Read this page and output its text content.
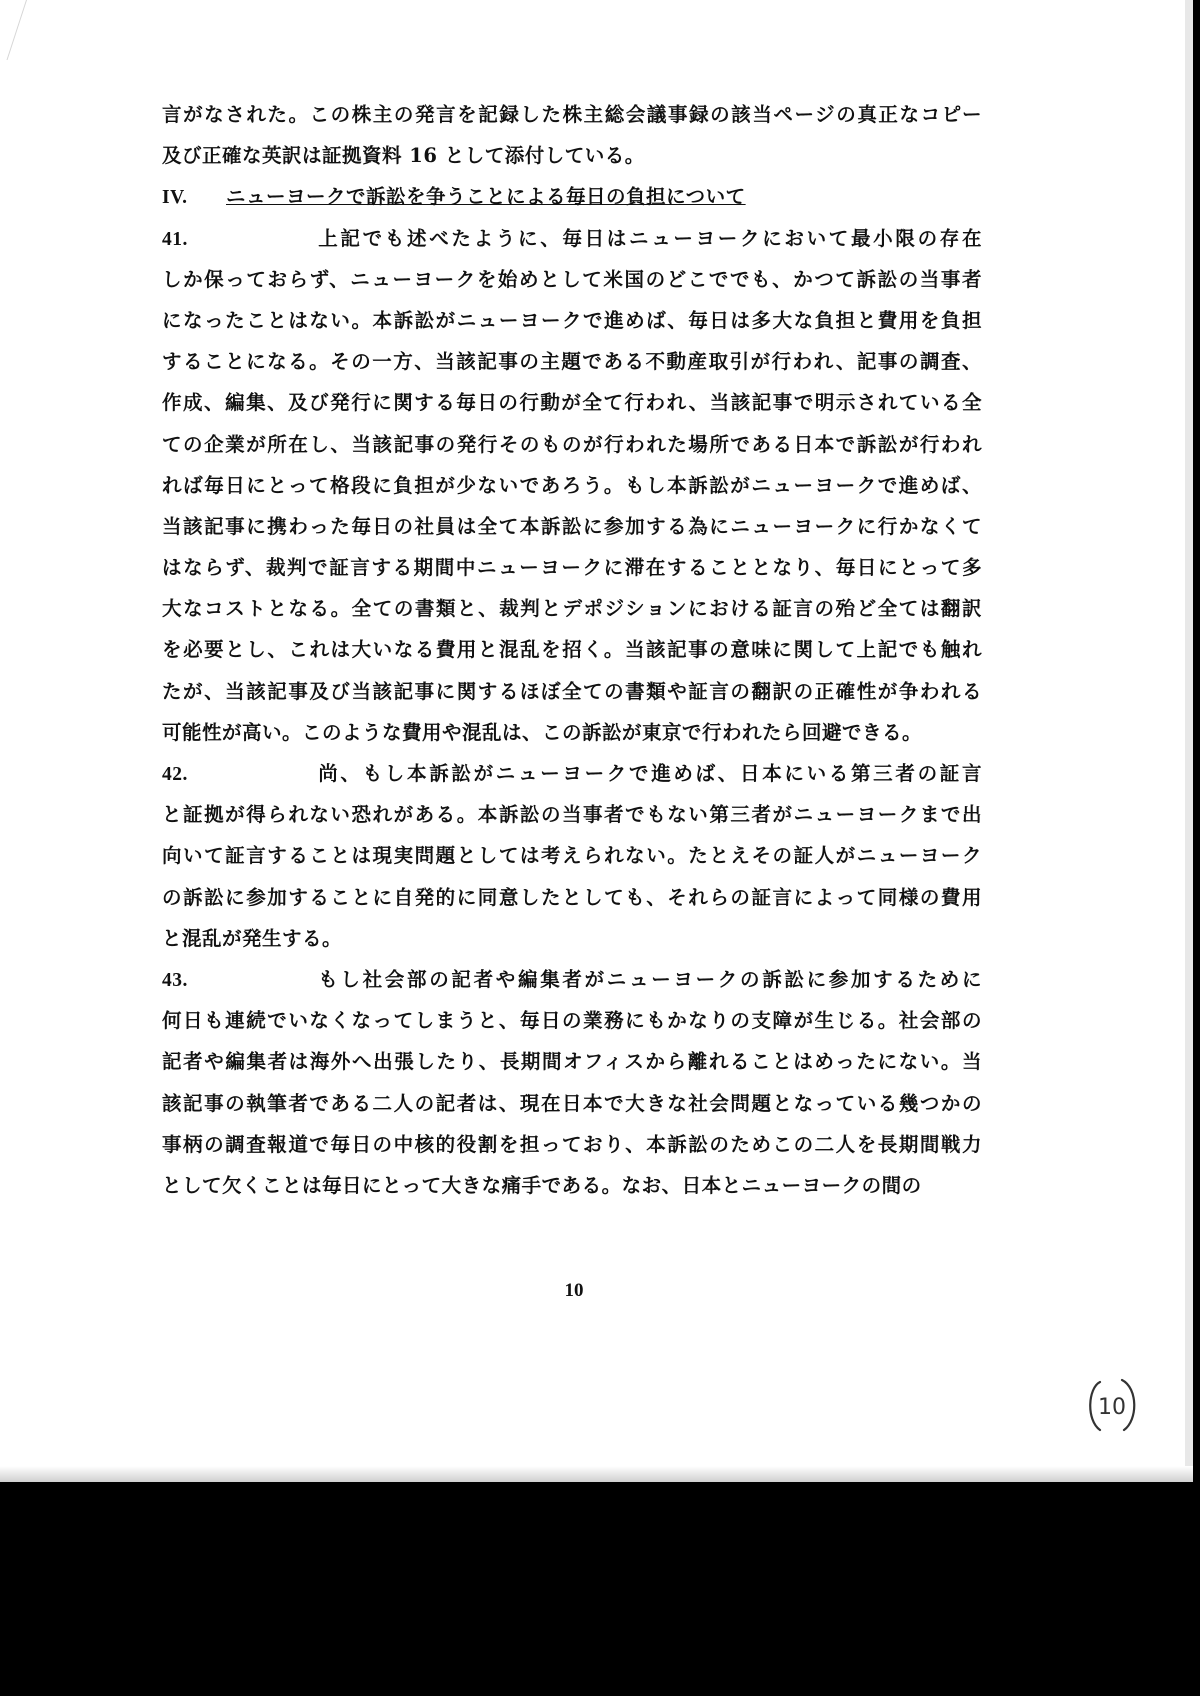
言がなされた。この株主の発言を記録した株主総会議事録の該当ページの真正なコピー
及び正確な英訳は証拠資料 16 として添付している。
IV. ニューヨークで訴訟を争うことによる毎日の負担について
41.	上記でも述べたように、毎日はニューヨークにおいて最小限の存在
しか保っておらず、ニューヨークを始めとして米国のどこででも、かつて訴訟の当事者
になったことはない。本訴訟がニューヨークで進めば、毎日は多大な負担と費用を負担
することになる。その一方、当該記事の主題である不動産取引が行われ、記事の調査、
作成、編集、及び発行に関する毎日の行動が全て行われ、当該記事で明示されている全
ての企業が所在し、当該記事の発行そのものが行われた場所である日本で訴訟が行われ
れば毎日にとって格段に負担が少ないであろう。もし本訴訟がニューヨークで進めば、
当該記事に携わった毎日の社員は全て本訴訟に参加する為にニューヨークに行かなくて
はならず、裁判で証言する期間中ニューヨークに滞在することとなり、毎日にとって多
大なコストとなる。全ての書類と、裁判とデポジションにおける証言の殆ど全ては翻訳
を必要とし、これは大いなる費用と混乱を招く。当該記事の意味に関して上記でも触れ
たが、当該記事及び当該記事に関するほぼ全ての書類や証言の翻訳の正確性が争われる
可能性が高い。このような費用や混乱は、この訴訟が東京で行われたら回避できる。
42.	尚、もし本訴訟がニューヨークで進めば、日本にいる第三者の証言
と証拠が得られない恐れがある。本訴訟の当事者でもない第三者がニューヨークまで出
向いて証言することは現実問題としては考えられない。たとえその証人がニューヨーク
の訴訟に参加することに自発的に同意したとしても、それらの証言によって同様の費用
と混乱が発生する。
43.	もし社会部の記者や編集者がニューヨークの訴訟に参加するために
何日も連続でいなくなってしまうと、毎日の業務にもかなりの支障が生じる。社会部の
記者や編集者は海外へ出張したり、長期間オフィスから離れることはめったにない。当
該記事の執筆者である二人の記者は、現在日本で大きな社会問題となっている幾つかの
事柄の調査報道で毎日の中核的役割を担っており、本訴訟のためこの二人を長期間戦力
として欠くことは毎日にとって大きな痛手である。なお、日本とニューヨークの間の
10
10
